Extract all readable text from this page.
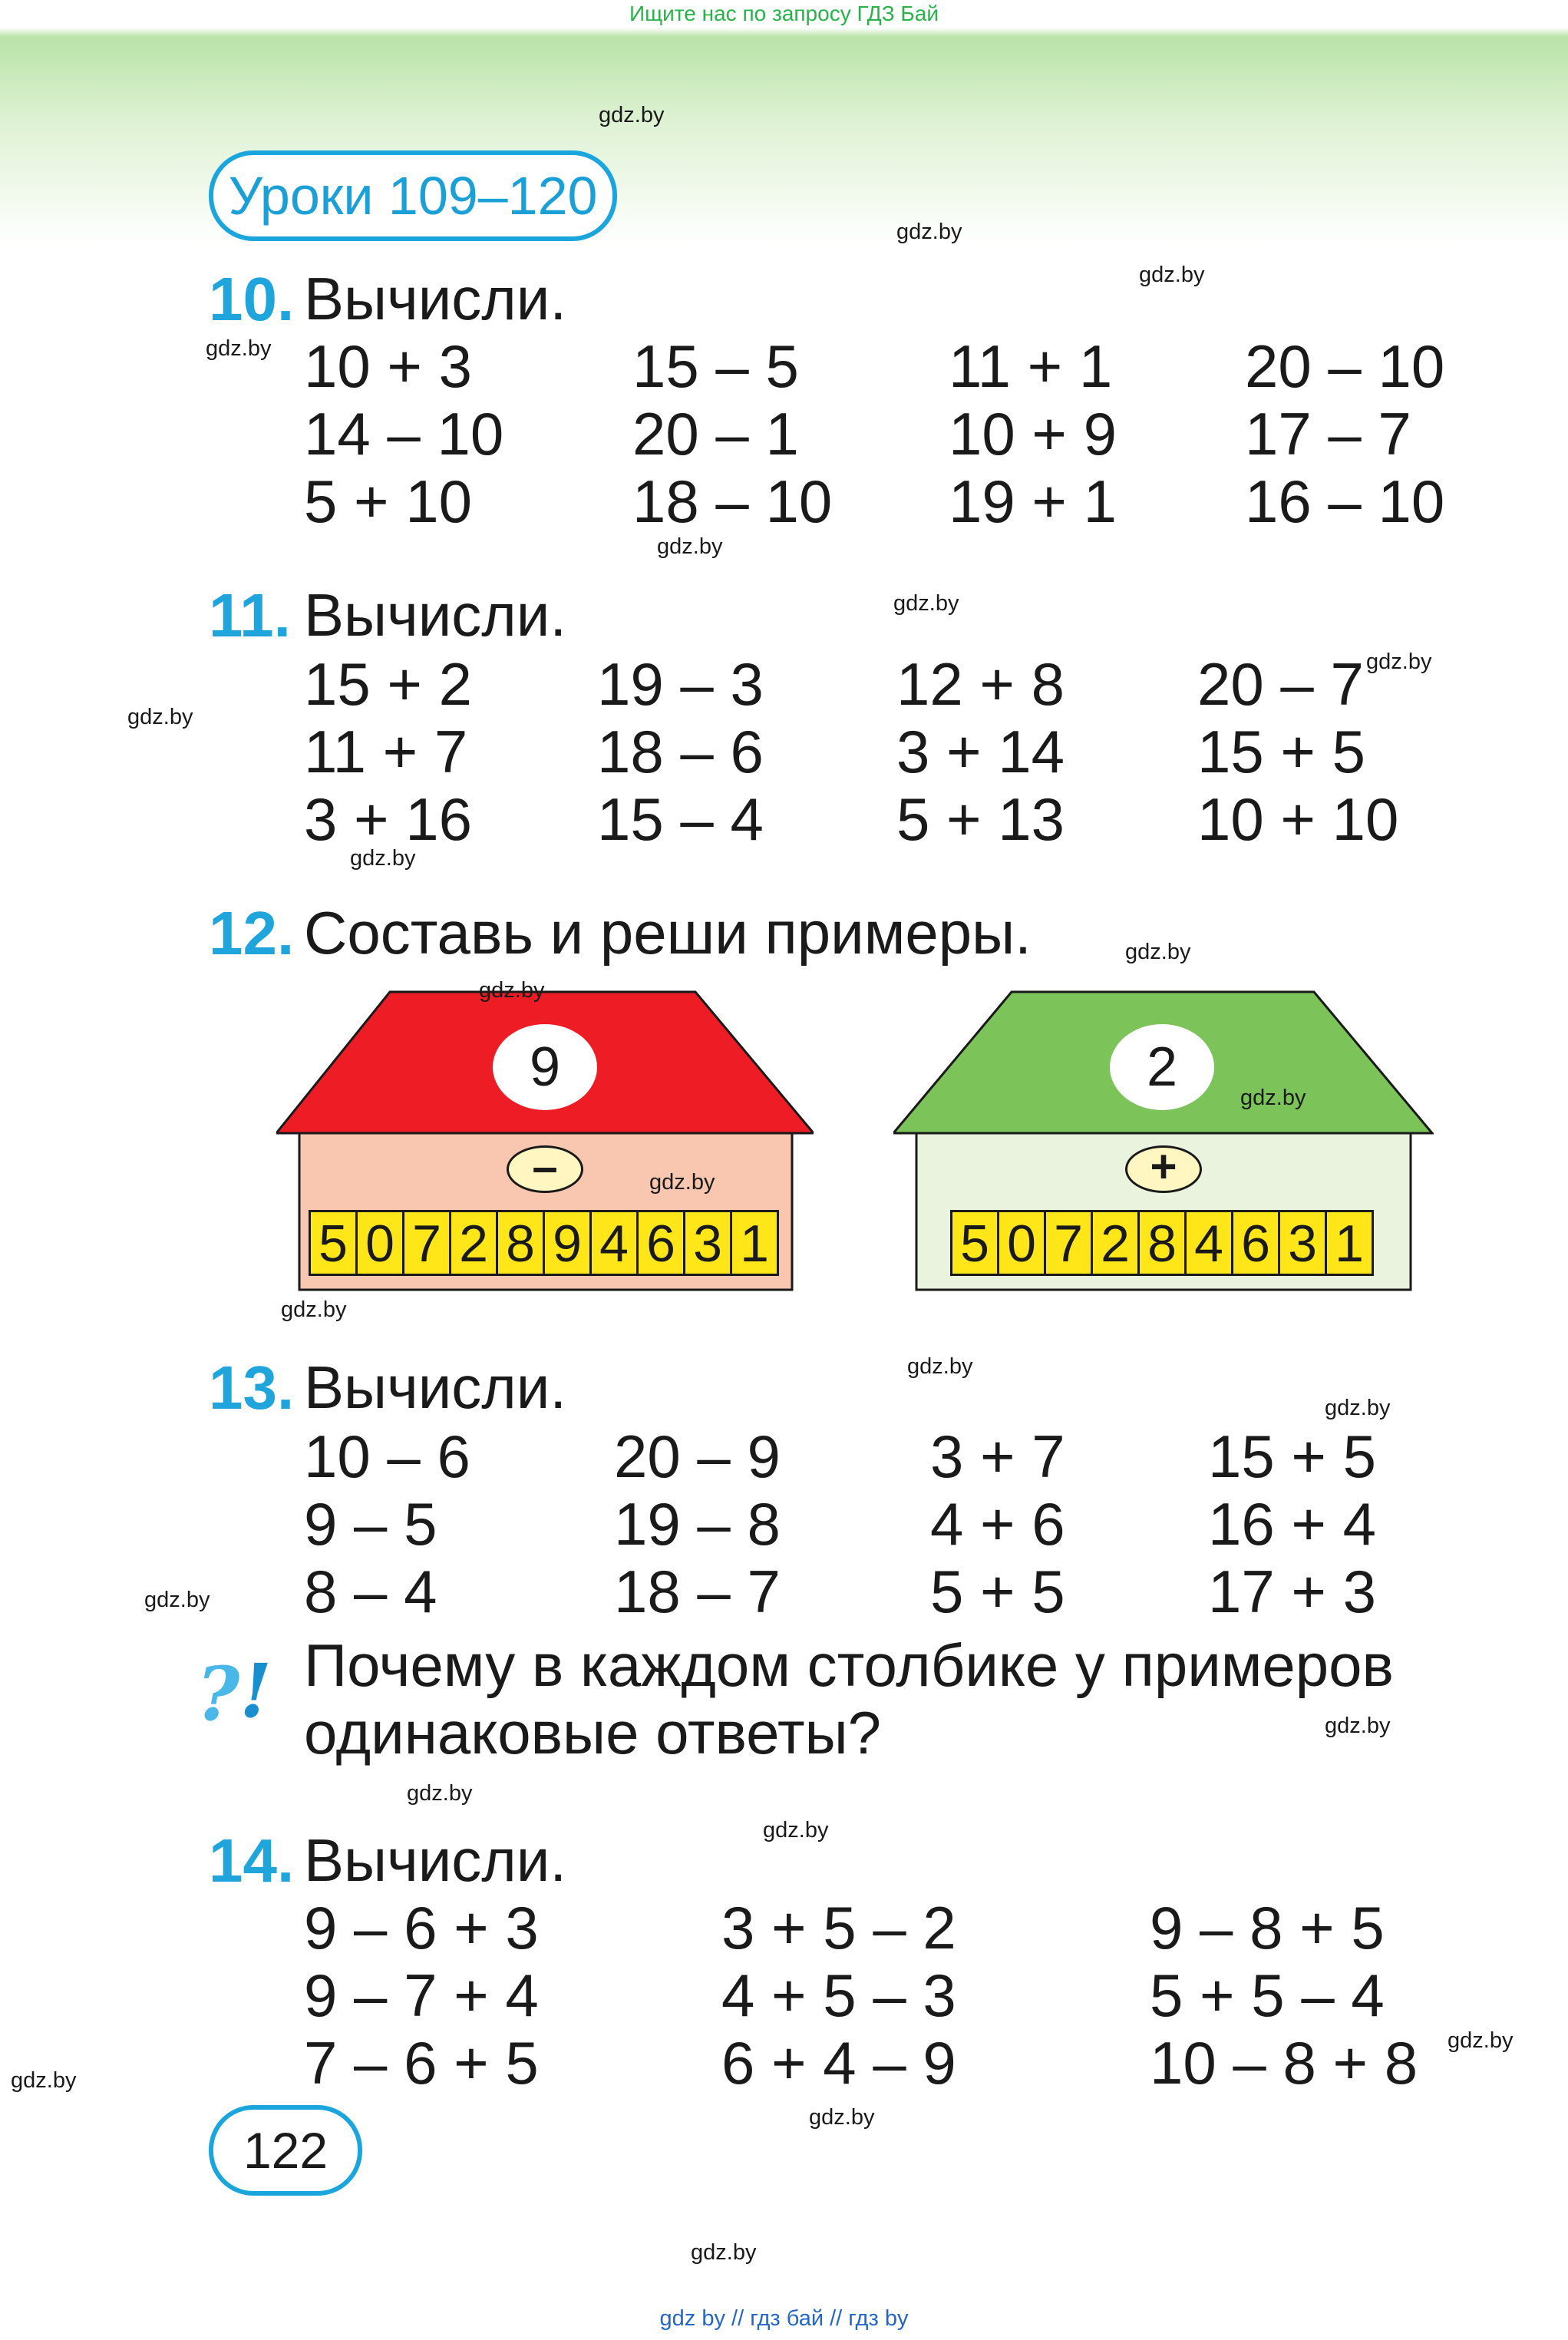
Ищите нас по запросу ГДЗ Бай
Уроки 109–120
10. Вычисли.
10 + 3
14 – 10
5 + 10
15 – 5
20 – 1
18 – 10
11 + 1
10 + 9
19 + 1
20 – 10
17 – 7
16 – 10
11. Вычисли.
15 + 2
11 + 7
3 + 16
19 – 3
18 – 6
15 – 4
12 + 8
3 + 14
5 + 13
20 – 7
15 + 5
10 + 10
12. Составь и реши примеры.
9
–
5 0 7 2 8 9 4 6 3 1
2
+
5 0 7 2 8 4 6 3 1
13. Вычисли.
10 – 6
9 – 5
8 – 4
20 – 9
19 – 8
18 – 7
3 + 7
4 + 6
5 + 5
15 + 5
16 + 4
17 + 3
? ! Почему в каждом столбике у примеров
одинаковые ответы?
14. Вычисли.
9 – 6 + 3
9 – 7 + 4
7 – 6 + 5
3 + 5 – 2
4 + 5 – 3
6 + 4 – 9
9 – 8 + 5
5 + 5 – 4
10 – 8 + 8
122
gdz.by
gdz.by
gdz.by
gdz.by
gdz.by
gdz.by
gdz.by
gdz.by
gdz.by
gdz.by
gdz.by
gdz.by
gdz.by
gdz.by
gdz.by
gdz.by
gdz.by
gdz.by
gdz.by
gdz.by
gdz.by
gdz.by
gdz.by
gdz.by
gdz by // гдз бай // гдз by
